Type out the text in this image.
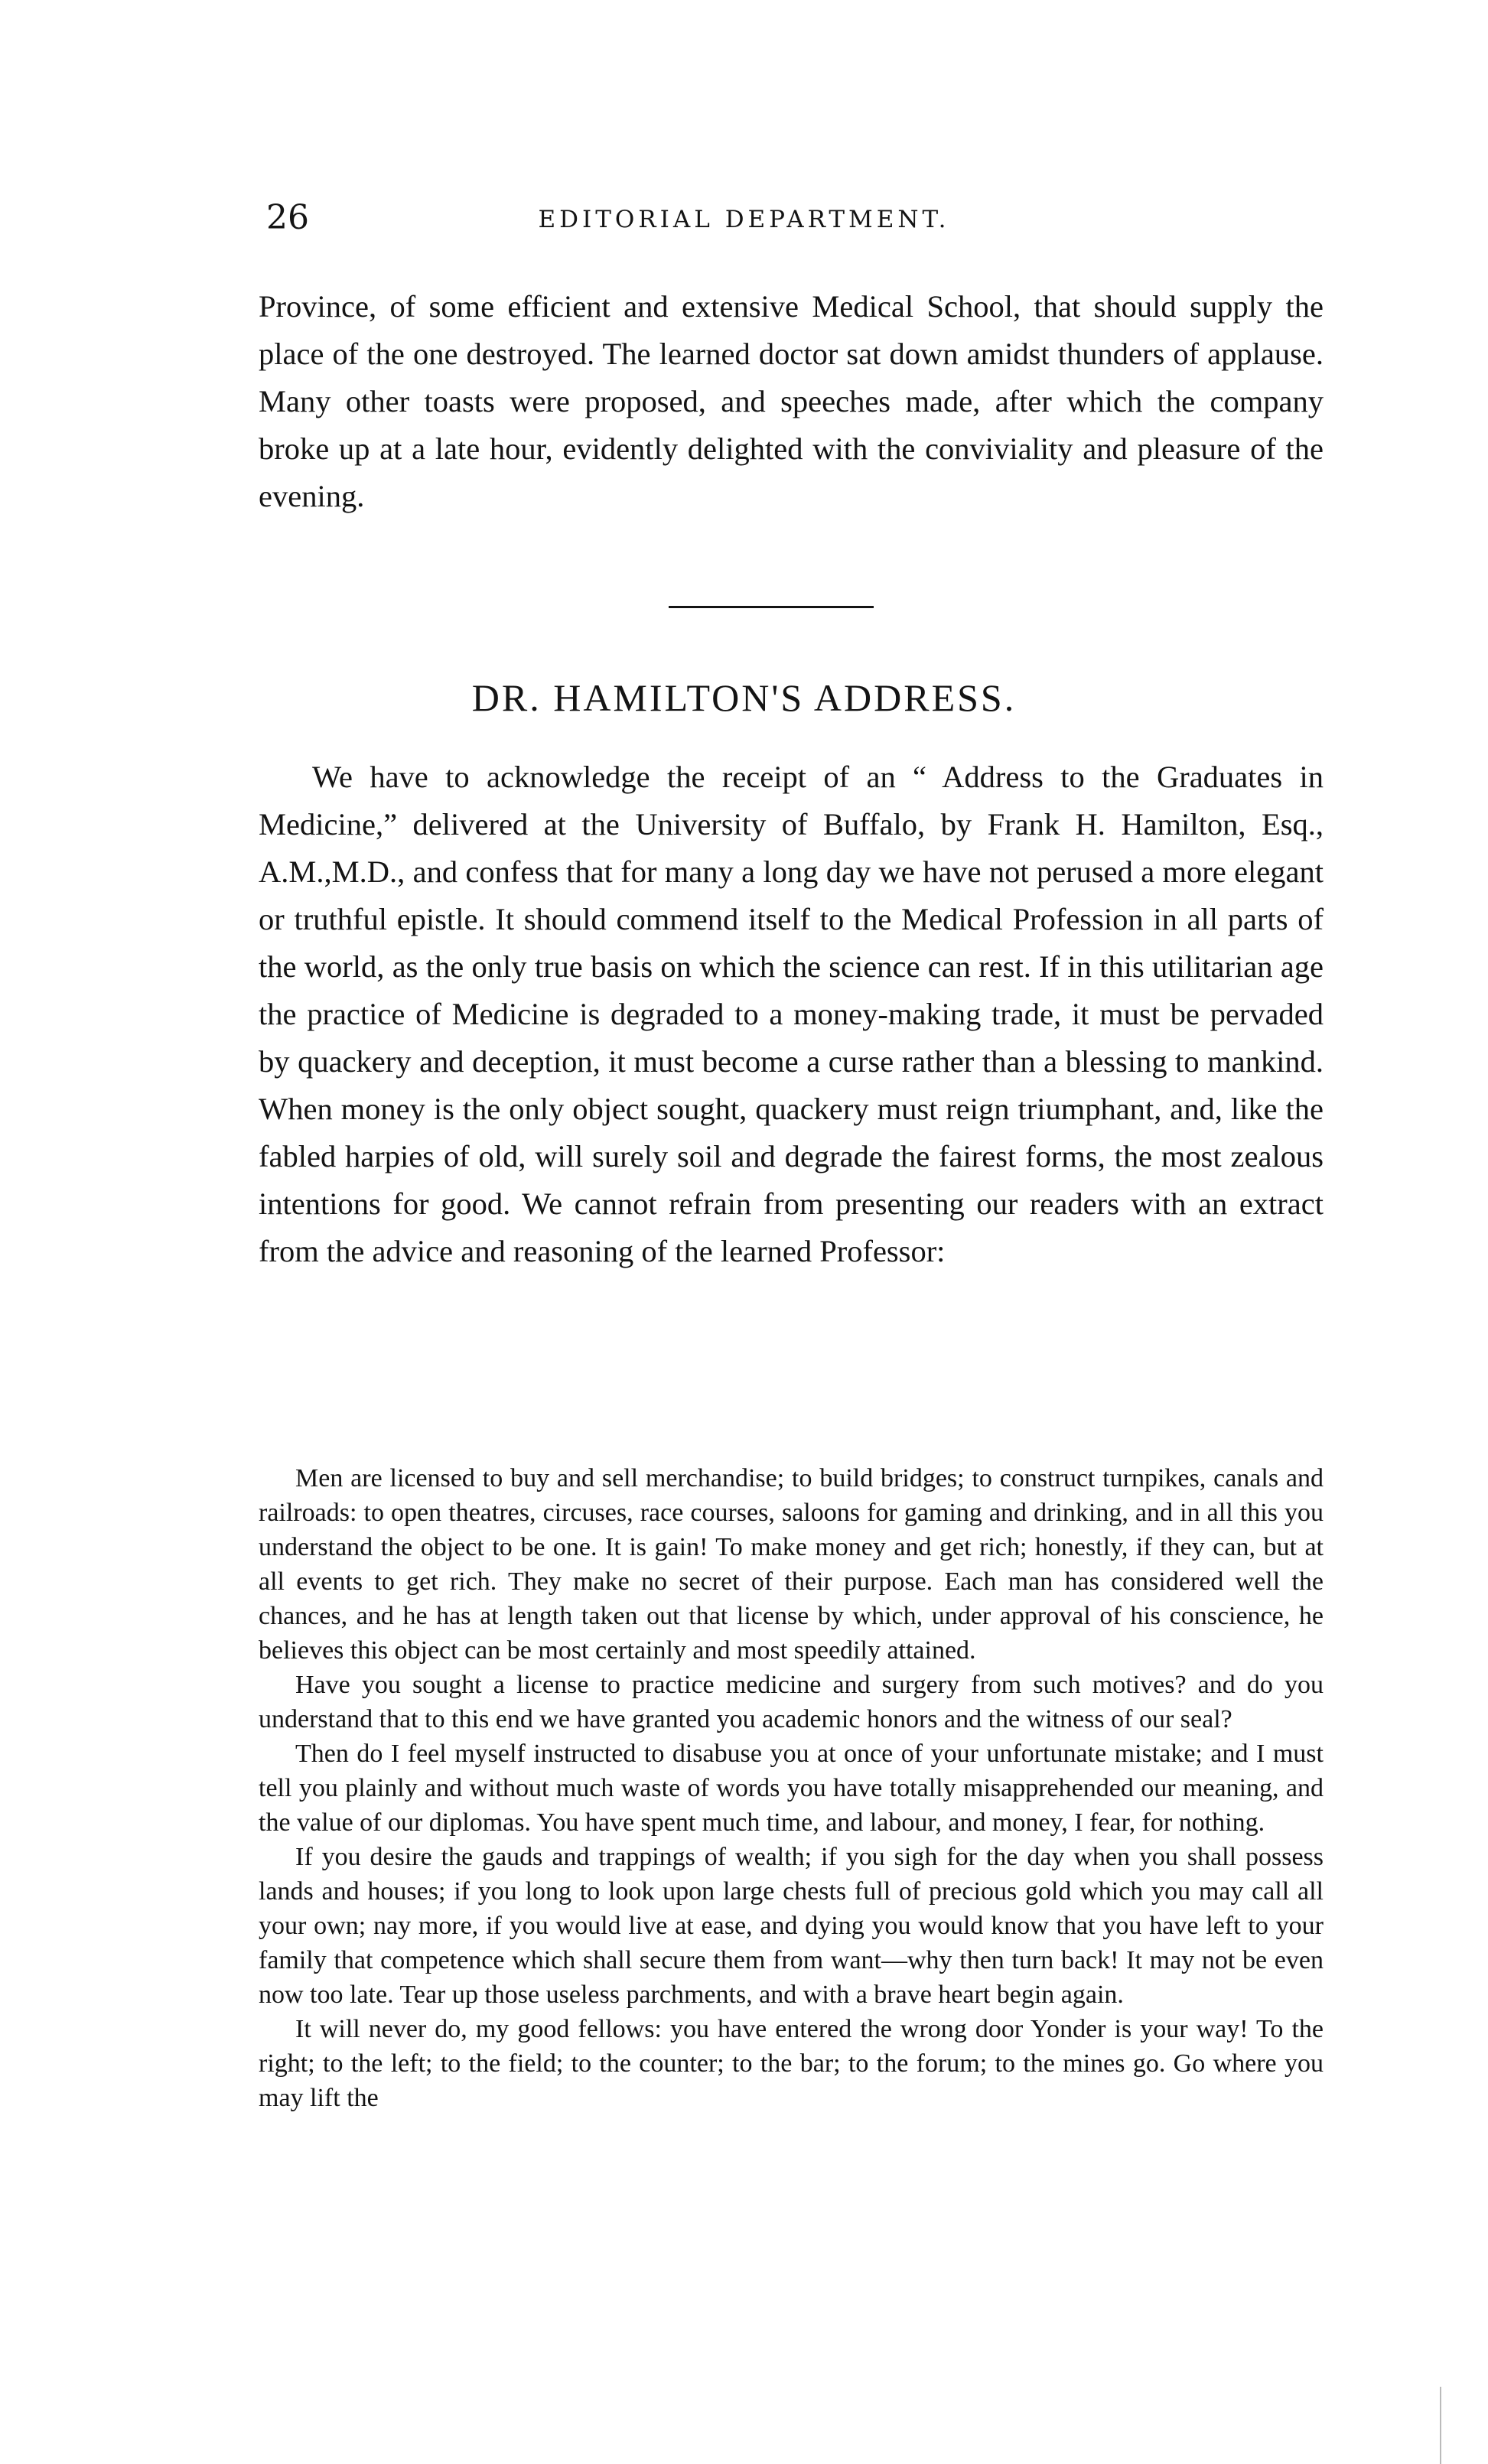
26	EDITORIAL DEPARTMENT.

Province, of some efficient and extensive Medical School, that should supply the place of the one destroyed. The learned doctor sat down amidst thunders of applause. Many other toasts were proposed, and speeches made, after which the company broke up at a late hour, evidently delighted with the conviviality and pleasure of the evening.

DR. HAMILTON'S ADDRESS.

We have to acknowledge the receipt of an “ Address to the Graduates in Medicine,” delivered at the University of Buffalo, by Frank H. Hamilton, Esq., A.M.,M.D., and confess that for many a long day we have not perused a more elegant or truthful epistle. It should commend itself to the Medical Profession in all parts of the world, as the only true basis on which the science can rest. If in this utilitarian age the practice of Medicine is degraded to a money-making trade, it must be pervaded by quackery and deception, it must become a curse rather than a blessing to mankind. When money is the only object sought, quackery must reign triumphant, and, like the fabled harpies of old, will surely soil and degrade the fairest forms, the most zealous intentions for good. We cannot refrain from presenting our readers with an extract from the advice and reasoning of the learned Professor:

Men are licensed to buy and sell merchandise; to build bridges; to construct turnpikes, canals and railroads: to open theatres, circuses, race courses, saloons for gaming and drinking, and in all this you understand the object to be one. It is gain! To make money and get rich; honestly, if they can, but at all events to get rich. They make no secret of their purpose. Each man has considered well the chances, and he has at length taken out that license by which, under approval of his conscience, he believes this object can be most certainly and most speedily attained.

Have you sought a license to practice medicine and surgery from such motives? and do you understand that to this end we have granted you academic honors and the witness of our seal?

Then do I feel myself instructed to disabuse you at once of your unfortunate mistake; and I must tell you plainly and without much waste of words you have totally misapprehended our meaning, and the value of our diplomas. You have spent much time, and labour, and money, I fear, for nothing.

If you desire the gauds and trappings of wealth; if you sigh for the day when you shall possess lands and houses; if you long to look upon large chests full of precious gold which you may call all your own; nay more, if you would live at ease, and dying you would know that you have left to your family that competence which shall secure them from want—why then turn back! It may not be even now too late. Tear up those useless parchments, and with a brave heart begin again.

It will never do, my good fellows: you have entered the wrong door Yonder is your way! To the right; to the left; to the field; to the counter; to the bar; to the forum; to the mines go. Go where you may lift the
